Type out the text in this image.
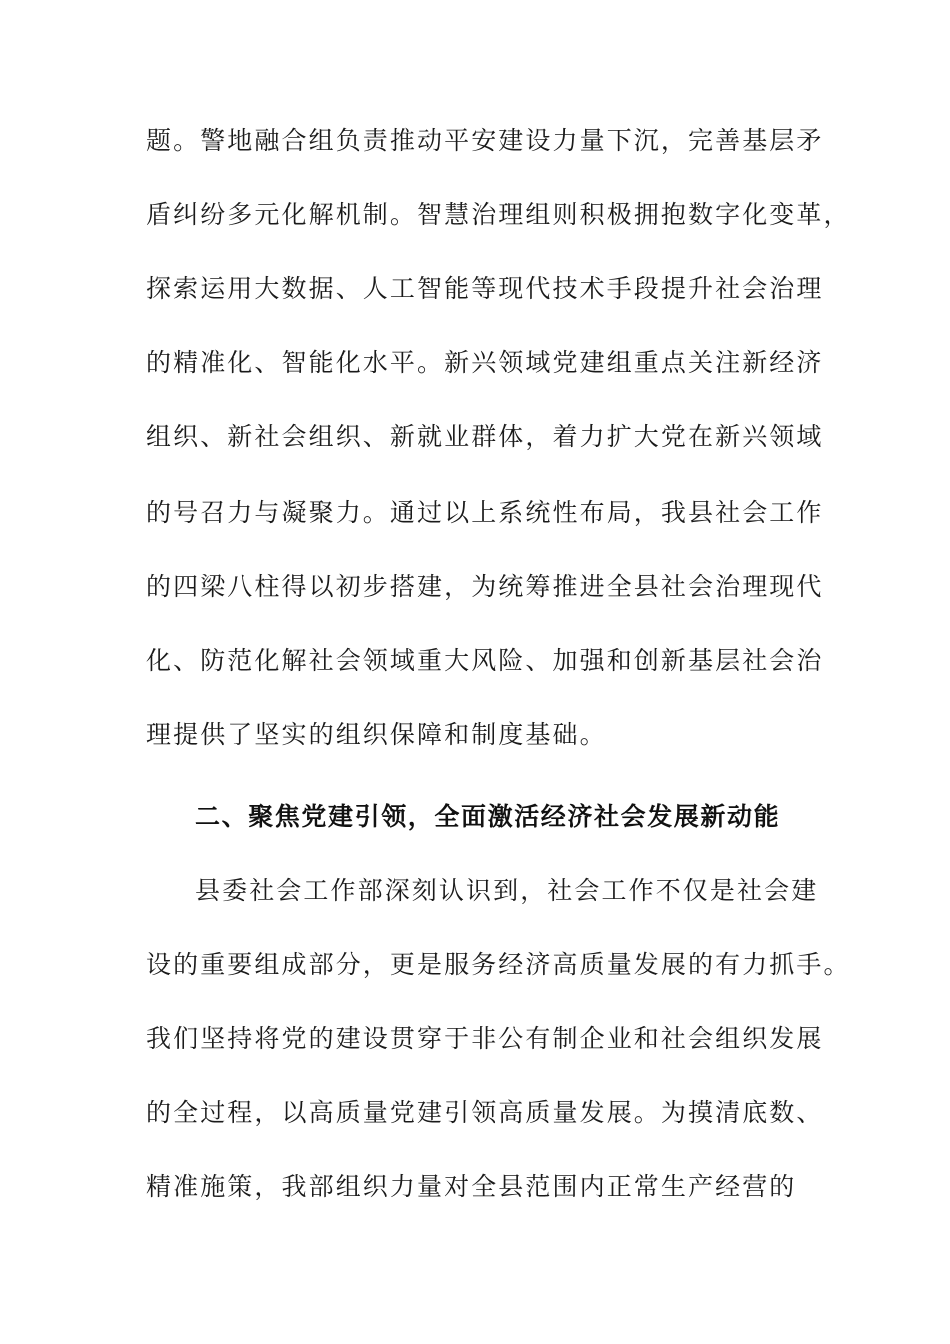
题。警地融合组负责推动平安建设力量下沉，完善基层矛
盾纠纷多元化解机制。智慧治理组则积极拥抱数字化变革，
探索运用大数据、人工智能等现代技术手段提升社会治理
的精准化、智能化水平。新兴领域党建组重点关注新经济
组织、新社会组织、新就业群体，着力扩大党在新兴领域
的号召力与凝聚力。通过以上系统性布局，我县社会工作
的四梁八柱得以初步搭建，为统筹推进全县社会治理现代
化、防范化解社会领域重大风险、加强和创新基层社会治
理提供了坚实的组织保障和制度基础。
二、聚焦党建引领，全面激活经济社会发展新动能
县委社会工作部深刻认识到，社会工作不仅是社会建
设的重要组成部分，更是服务经济高质量发展的有力抓手。
我们坚持将党的建设贯穿于非公有制企业和社会组织发展
的全过程，以高质量党建引领高质量发展。为摸清底数、
精准施策，我部组织力量对全县范围内正常生产经营的
